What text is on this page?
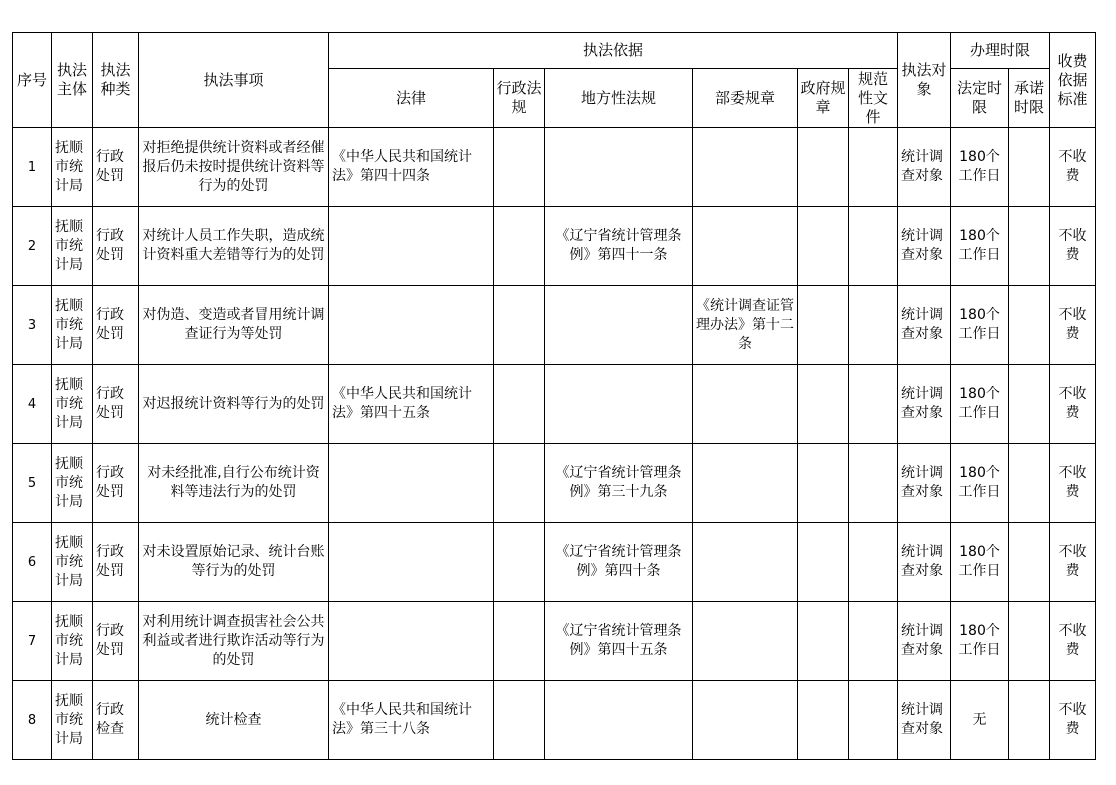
序号	执法主体	执法种类	执法事项	执法依据						执法对象	办理时限		收费依据标准
				法律	行政法规	地方性法规	部委规章	政府规章	规范性文件		法定时限	承诺时限	
1	抚顺市统计局	行政处罚	对拒绝提供统计资料或者经催报后仍未按时提供统计资料等行为的处罚	《中华人民共和国统计法》第四十四条						统计调查对象	180个工作日		不收费
2	抚顺市统计局	行政处罚	对统计人员工作失职，造成统计资料重大差错等行为的处罚			《辽宁省统计管理条例》第四十一条				统计调查对象	180个工作日		不收费
3	抚顺市统计局	行政处罚	对伪造、变造或者冒用统计调查证行为等处罚				《统计调查证管理办法》第十二条			统计调查对象	180个工作日		不收费
4	抚顺市统计局	行政处罚	对迟报统计资料等行为的处罚	《中华人民共和国统计法》第四十五条						统计调查对象	180个工作日		不收费
5	抚顺市统计局	行政处罚	对未经批准,自行公布统计资料等违法行为的处罚			《辽宁省统计管理条例》第三十九条				统计调查对象	180个工作日		不收费
6	抚顺市统计局	行政处罚	对未设置原始记录、统计台账等行为的处罚			《辽宁省统计管理条例》第四十条				统计调查对象	180个工作日		不收费
7	抚顺市统计局	行政处罚	对利用统计调查损害社会公共利益或者进行欺诈活动等行为的处罚			《辽宁省统计管理条例》第四十五条				统计调查对象	180个工作日		不收费
8	抚顺市统计局	行政检查	统计检查	《中华人民共和国统计法》第三十八条						统计调查对象	无		不收费
